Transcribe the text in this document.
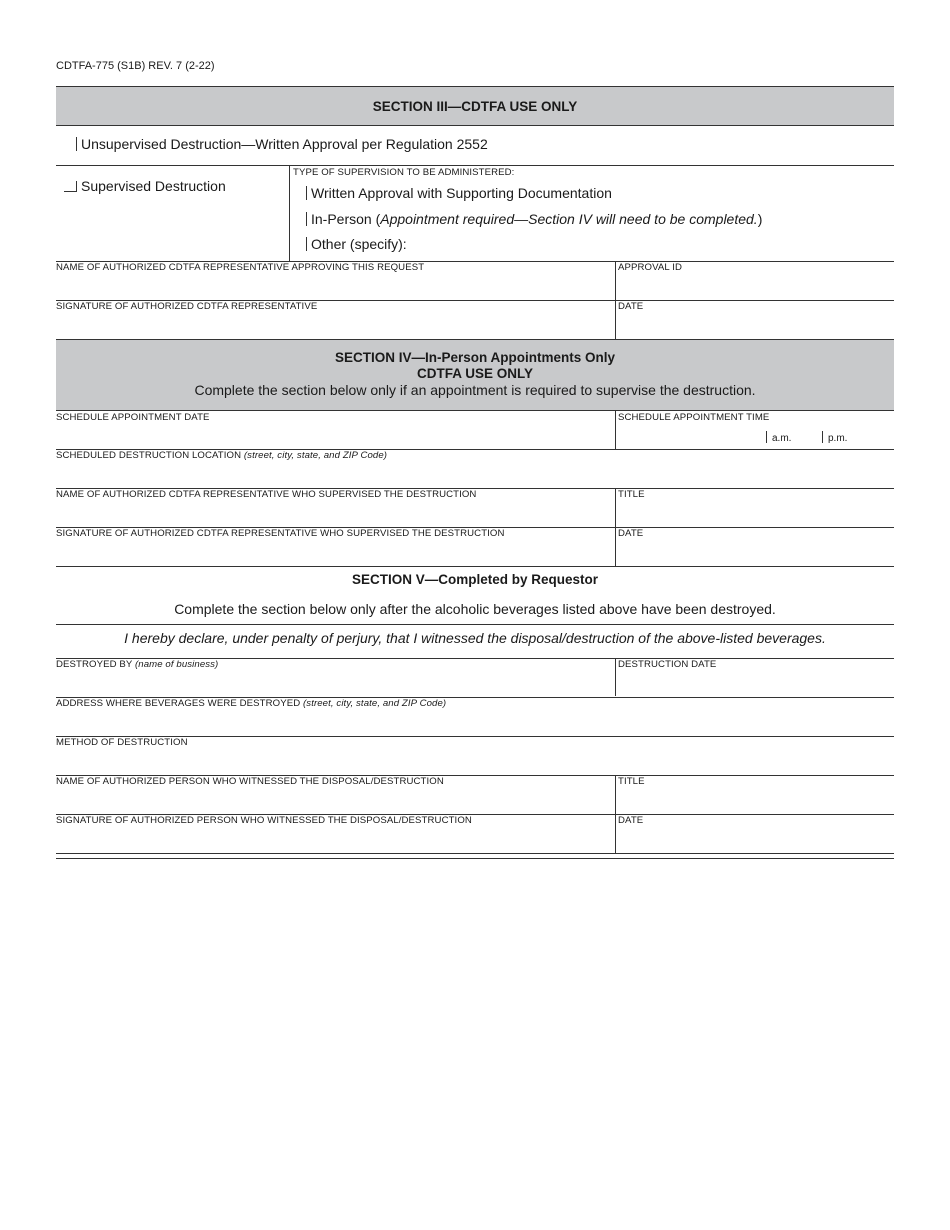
CDTFA-775 (S1B) REV. 7 (2-22)
SECTION III—CDTFA USE ONLY
Unsupervised Destruction—Written Approval per Regulation 2552
Supervised Destruction
TYPE OF SUPERVISION TO BE ADMINISTERED:
Written Approval with Supporting Documentation
In-Person (Appointment required—Section IV will need to be completed.)
Other (specify):
NAME OF AUTHORIZED CDTFA REPRESENTATIVE APPROVING THIS REQUEST	APPROVAL ID
SIGNATURE OF AUTHORIZED CDTFA REPRESENTATIVE	DATE
SECTION IV—In-Person Appointments Only
CDTFA USE ONLY
Complete the section below only if an appointment is required to supervise the destruction.
SCHEDULE APPOINTMENT DATE	SCHEDULE APPOINTMENT TIME
a.m.	p.m.
SCHEDULED DESTRUCTION LOCATION (street, city, state, and ZIP Code)
NAME OF AUTHORIZED CDTFA REPRESENTATIVE WHO SUPERVISED THE DESTRUCTION	TITLE
SIGNATURE OF AUTHORIZED CDTFA REPRESENTATIVE WHO SUPERVISED THE DESTRUCTION	DATE
SECTION V—Completed by Requestor
Complete the section below only after the alcoholic beverages listed above have been destroyed.
I hereby declare, under penalty of perjury, that I witnessed the disposal/destruction of the above-listed beverages.
DESTROYED BY (name of business)	DESTRUCTION DATE
ADDRESS WHERE BEVERAGES WERE DESTROYED (street, city, state, and ZIP Code)
METHOD OF DESTRUCTION
NAME OF AUTHORIZED PERSON WHO WITNESSED THE DISPOSAL/DESTRUCTION	TITLE
SIGNATURE OF AUTHORIZED PERSON WHO WITNESSED THE DISPOSAL/DESTRUCTION	DATE
